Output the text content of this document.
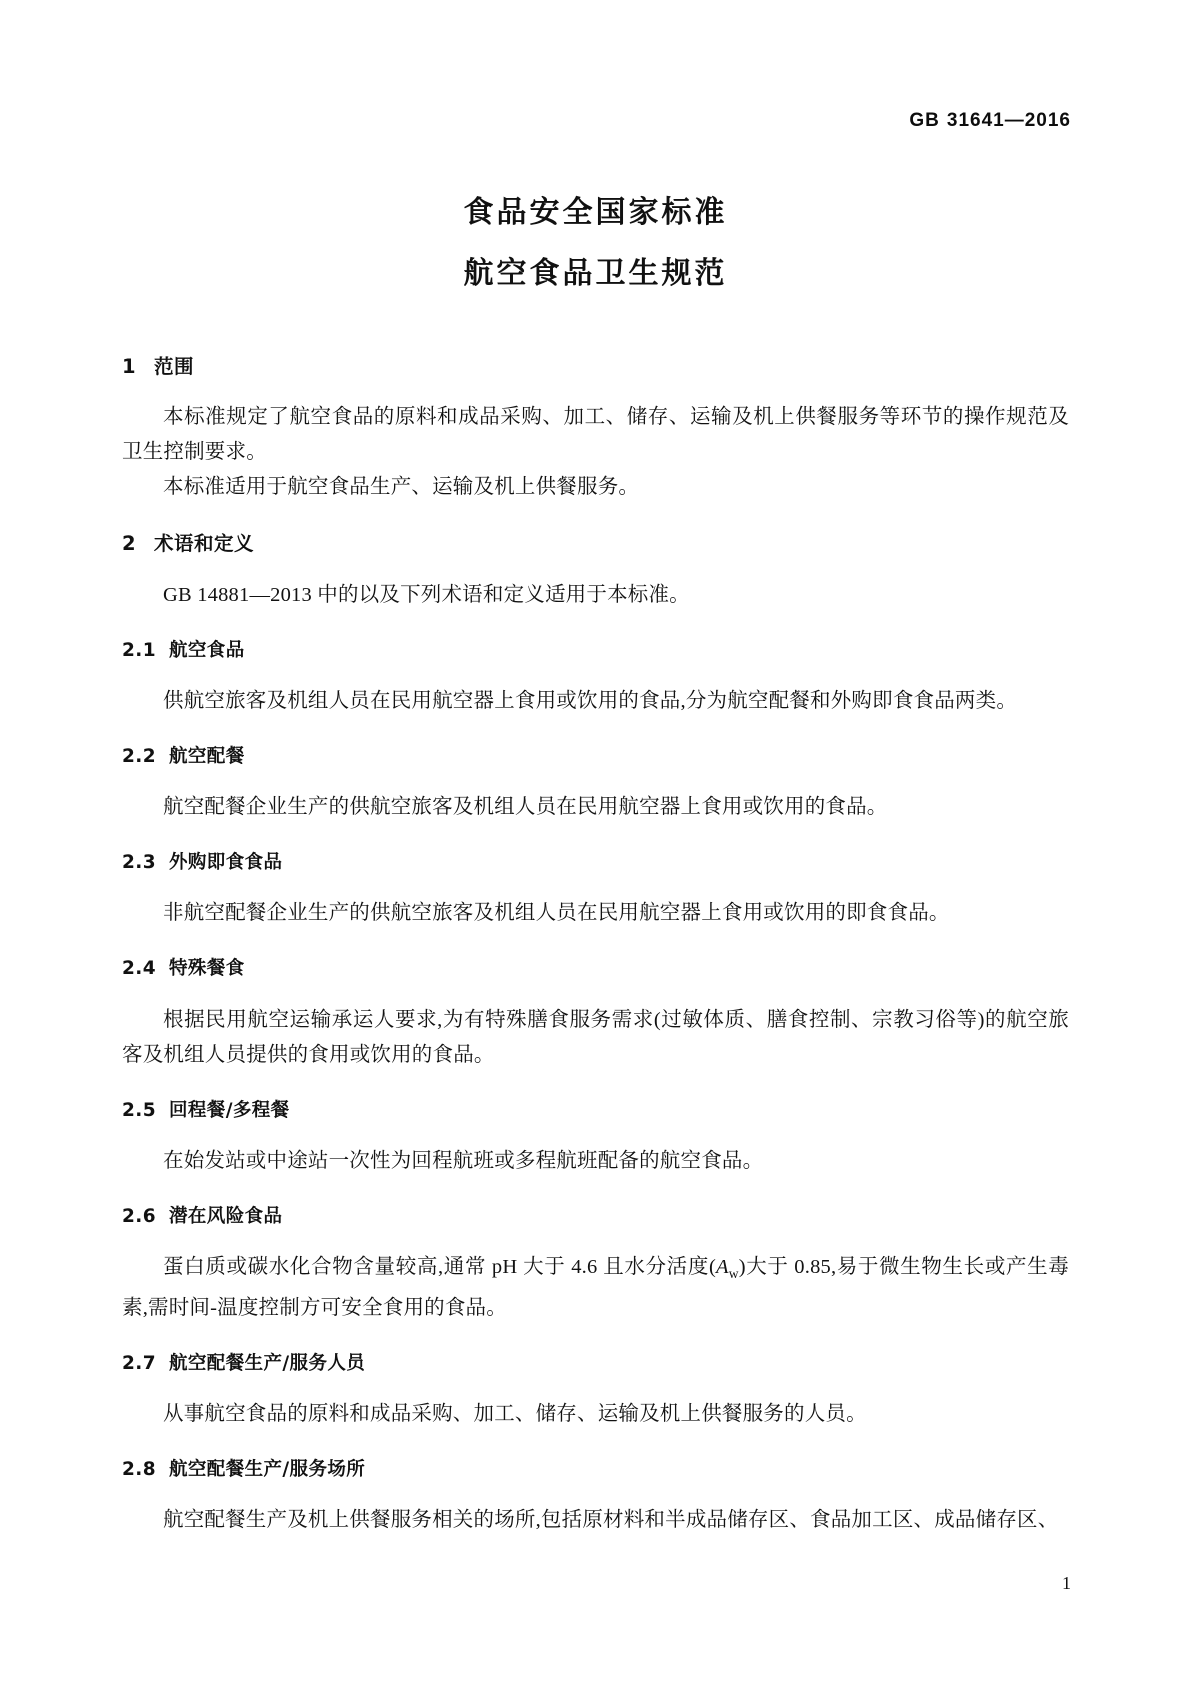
GB 31641—2016
食品安全国家标准
航空食品卫生规范
1 范围

本标准规定了航空食品的原料和成品采购、加工、储存、运输及机上供餐服务等环节的操作规范及卫生控制要求。

本标准适用于航空食品生产、运输及机上供餐服务。

2 术语和定义

GB 14881—2013 中的以及下列术语和定义适用于本标准。

2.1 航空食品

供航空旅客及机组人员在民用航空器上食用或饮用的食品,分为航空配餐和外购即食食品两类。

2.2 航空配餐

航空配餐企业生产的供航空旅客及机组人员在民用航空器上食用或饮用的食品。

2.3 外购即食食品

非航空配餐企业生产的供航空旅客及机组人员在民用航空器上食用或饮用的即食食品。

2.4 特殊餐食

根据民用航空运输承运人要求,为有特殊膳食服务需求(过敏体质、膳食控制、宗教习俗等)的航空旅客及机组人员提供的食用或饮用的食品。

2.5 回程餐/多程餐

在始发站或中途站一次性为回程航班或多程航班配备的航空食品。

2.6 潜在风险食品

蛋白质或碳水化合物含量较高,通常 pH 大于 4.6 且水分活度$(A_w)$大于 0.85,易于微生物生长或产生毒素,需时间-温度控制方可安全食用的食品。

2.7 航空配餐生产/服务人员

从事航空食品的原料和成品采购、加工、储存、运输及机上供餐服务的人员。

2.8 航空配餐生产/服务场所

航空配餐生产及机上供餐服务相关的场所,包括原材料和半成品储存区、食品加工区、成品储存区、

1
